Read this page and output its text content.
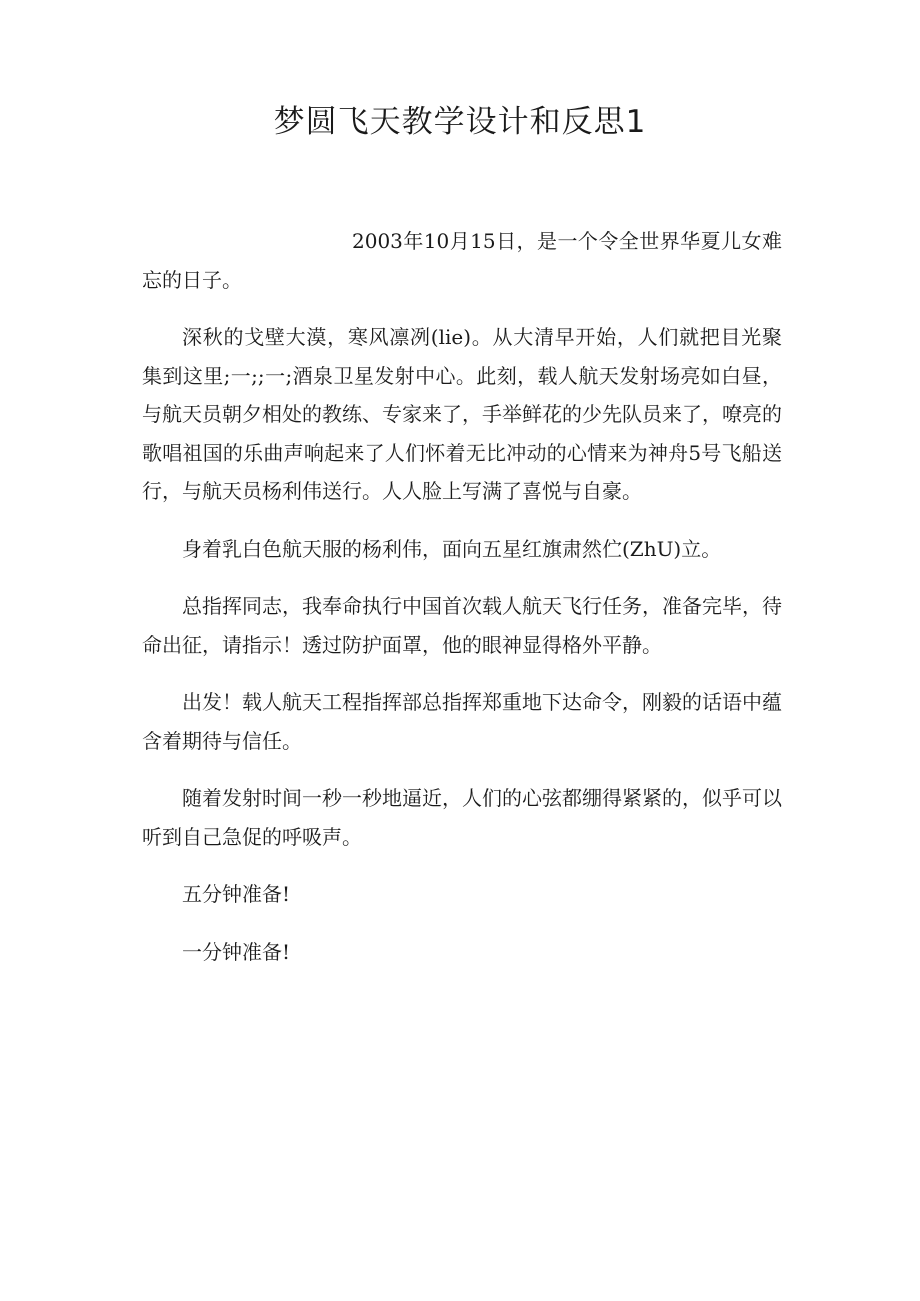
梦圆飞天教学设计和反思1

2003年10月15日，是一个令全世界华夏儿女难忘的日子。

深秋的戈壁大漠，寒风凛冽(lie)。从大清早开始，人们就把目光聚集到这里;一;;一;酒泉卫星发射中心。此刻，载人航天发射场亮如白昼，与航天员朝夕相处的教练、专家来了，手举鲜花的少先队员来了，嘹亮的歌唱祖国的乐曲声响起来了人们怀着无比冲动的心情来为神舟5号飞船送行，与航天员杨利伟送行。人人脸上写满了喜悦与自豪。

身着乳白色航天服的杨利伟，面向五星红旗肃然伫(ZhU)立。

总指挥同志，我奉命执行中国首次载人航天飞行任务，准备完毕，待命出征，请指示！透过防护面罩，他的眼神显得格外平静。

出发！载人航天工程指挥部总指挥郑重地下达命令，刚毅的话语中蕴含着期待与信任。

随着发射时间一秒一秒地逼近，人们的心弦都绷得紧紧的，似乎可以听到自己急促的呼吸声。

五分钟准备!

一分钟准备!
